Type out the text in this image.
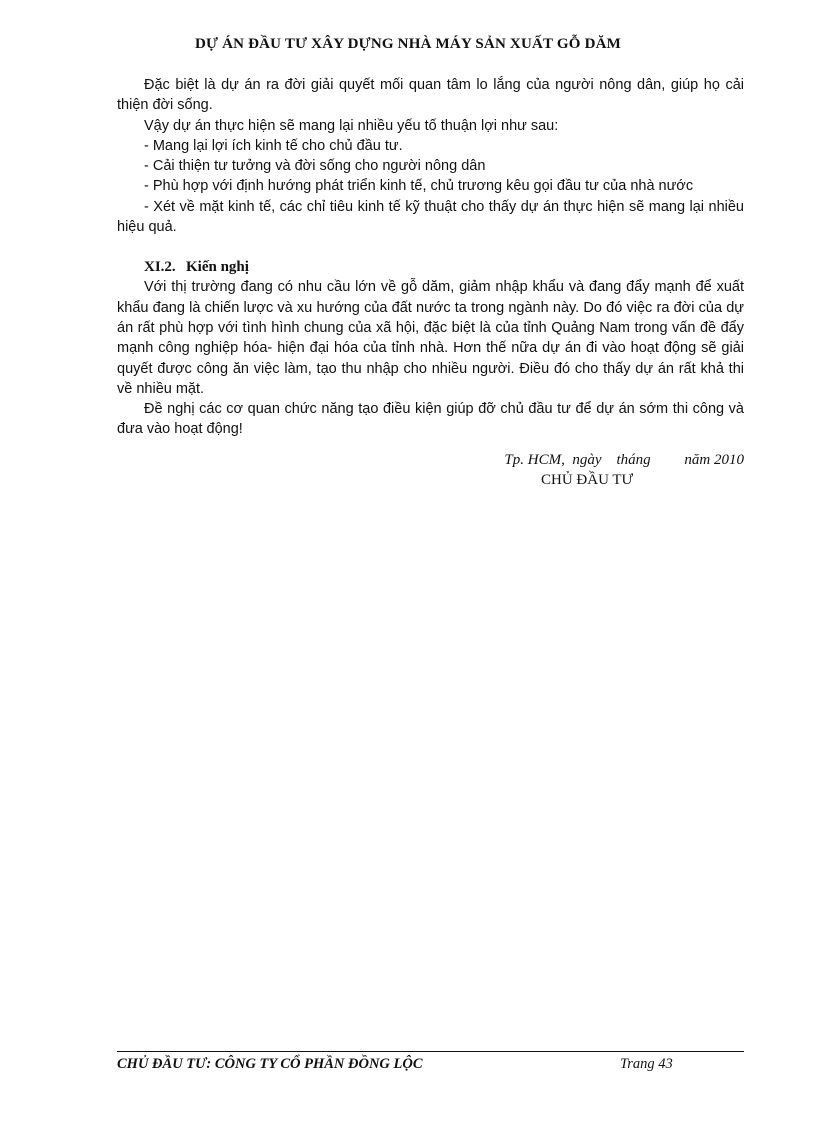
DỰ ÁN ĐẦU TƯ XÂY DỰNG NHÀ MÁY SẢN XUẤT GỖ DĂM

Đặc biệt là dự án ra đời giải quyết mối quan tâm lo lắng của người nông dân, giúp họ cải thiện đời sống.

Vậy dự án thực hiện sẽ mang lại nhiều yếu tố thuận lợi như sau:

- Mang lại lợi ích kinh tế cho chủ đầu tư.

- Cải thiện tư tưởng và đời sống cho người nông dân

- Phù hợp với định hướng phát triển kinh tế, chủ trương kêu gọi đầu tư của nhà nước

- Xét về mặt kinh tế, các chỉ tiêu kinh tế kỹ thuật cho thấy dự án thực hiện sẽ mang lại nhiều hiệu quả.

XI.2. Kiến nghị

Với thị trường đang có nhu cầu lớn về gỗ dăm, giảm nhập khẩu và đang đẩy mạnh để xuất khẩu đang là chiến lược và xu hướng của đất nước ta trong ngành này. Do đó việc ra đời của dự án rất phù hợp với tình hình chung của xã hội, đặc biệt là của tỉnh Quảng Nam trong vấn đề đẩy mạnh công nghiệp hóa- hiện đại hóa của tỉnh nhà. Hơn thế nữa dự án đi vào hoạt động sẽ giải quyết được công ăn việc làm, tạo thu nhập cho nhiều người. Điều đó cho thấy dự án rất khả thi về nhiều mặt.

Đề nghị các cơ quan chức năng tạo điều kiện giúp đỡ chủ đầu tư để dự án sớm thi công và đưa vào hoạt động!

Tp. HCM,  ngày    tháng         năm 2010
CHỦ ĐẦU TƯ
CHỦ ĐẦU TƯ: CÔNG TY CỔ PHẦN ĐỒNG LỘC	Trang 43
